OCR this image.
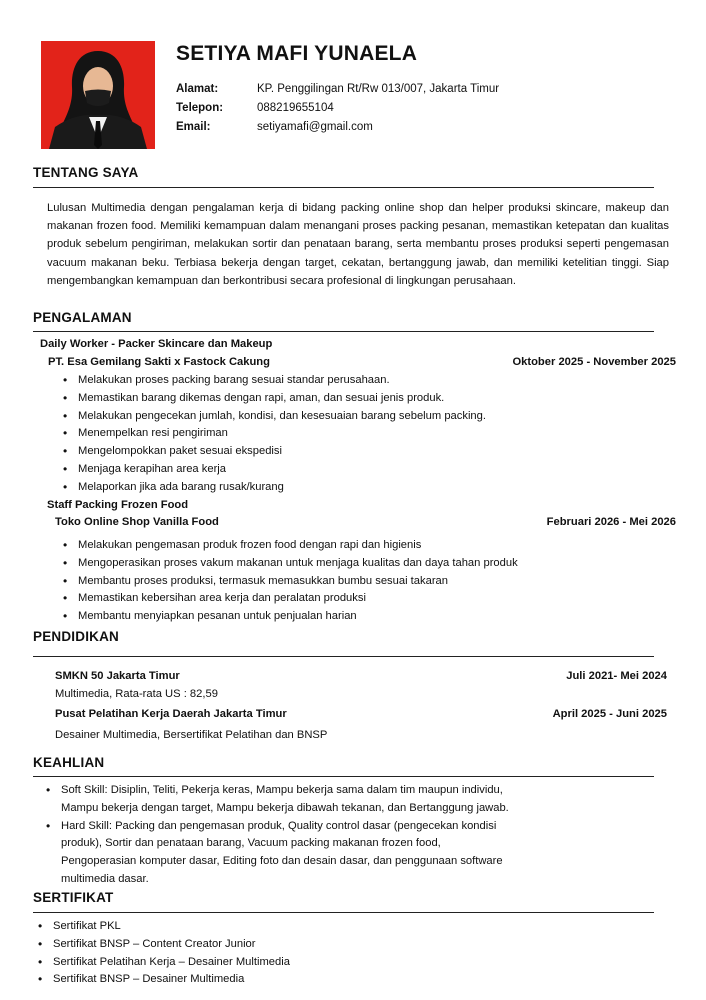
SETIYA MAFI YUNAELA
Alamat:	KP. Penggilingan Rt/Rw 013/007, Jakarta Timur
Telepon:	088219655104
Email:	setiyamafi@gmail.com
TENTANG SAYA
Lulusan Multimedia dengan pengalaman kerja di bidang packing online shop dan helper produksi skincare, makeup dan makanan frozen food. Memiliki kemampuan dalam menangani proses packing pesanan, memastikan ketepatan dan kualitas produk sebelum pengiriman, melakukan sortir dan penataan barang, serta membantu proses produksi seperti pengemasan vacuum makanan beku. Terbiasa bekerja dengan target, cekatan, bertanggung jawab, dan memiliki ketelitian tinggi. Siap mengembangkan kemampuan dan berkontribusi secara profesional di lingkungan perusahaan.
PENGALAMAN
Daily Worker - Packer Skincare dan Makeup
PT. Esa Gemilang Sakti x Fastock Cakung	Oktober 2025 - November 2025
• Melakukan proses packing barang sesuai standar perusahaan.
• Memastikan barang dikemas dengan rapi, aman, dan sesuai jenis produk.
• Melakukan pengecekan jumlah, kondisi, dan kesesuaian barang sebelum packing.
• Menempelkan resi pengiriman
• Mengelompokkan paket sesuai ekspedisi
• Menjaga kerapihan area kerja
• Melaporkan jika ada barang rusak/kurang
Staff Packing Frozen Food
Toko Online Shop Vanilla Food	Februari 2026 - Mei 2026
• Melakukan pengemasan produk frozen food dengan rapi dan higienis
• Mengoperasikan proses vakum makanan untuk menjaga kualitas dan daya tahan produk
• Membantu proses produksi, termasuk memasukkan bumbu sesuai takaran
• Memastikan kebersihan area kerja dan peralatan produksi
• Membantu menyiapkan pesanan untuk penjualan harian
PENDIDIKAN
SMKN 50 Jakarta Timur	Juli 2021- Mei 2024
Multimedia, Rata-rata US : 82,59
Pusat Pelatihan Kerja Daerah Jakarta Timur	April 2025 - Juni 2025
Desainer Multimedia, Bersertifikat Pelatihan dan BNSP
KEAHLIAN
• Soft Skill: Disiplin, Teliti, Pekerja keras, Mampu bekerja sama dalam tim maupun individu,
Mampu bekerja dengan target, Mampu bekerja dibawah tekanan, dan Bertanggung jawab.
• Hard Skill: Packing dan pengemasan produk, Quality control dasar (pengecekan kondisi
produk), Sortir dan penataan barang, Vacuum packing makanan frozen food,
Pengoperasian komputer dasar, Editing foto dan desain dasar, dan penggunaan software
multimedia dasar.
SERTIFIKAT
• Sertifikat PKL
• Sertifikat BNSP – Content Creator Junior
• Sertifikat Pelatihan Kerja – Desainer Multimedia
• Sertifikat BNSP – Desainer Multimedia
